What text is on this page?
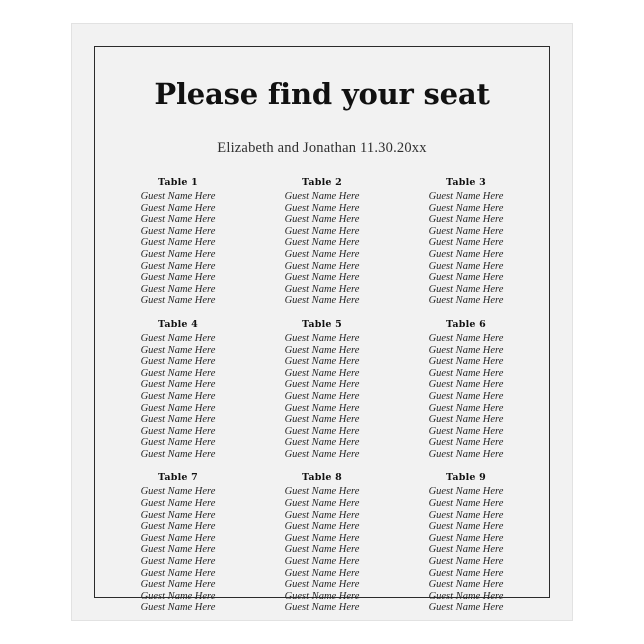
Please find your seat
Elizabeth and Jonathan 11.30.20xx
Table 1
Guest Name Here
Guest Name Here
Guest Name Here
Guest Name Here
Guest Name Here
Guest Name Here
Guest Name Here
Guest Name Here
Guest Name Here
Guest Name Here
Table 2
Guest Name Here
Guest Name Here
Guest Name Here
Guest Name Here
Guest Name Here
Guest Name Here
Guest Name Here
Guest Name Here
Guest Name Here
Guest Name Here
Table 3
Guest Name Here
Guest Name Here
Guest Name Here
Guest Name Here
Guest Name Here
Guest Name Here
Guest Name Here
Guest Name Here
Guest Name Here
Guest Name Here
Table 4
Guest Name Here
Guest Name Here
Guest Name Here
Guest Name Here
Guest Name Here
Guest Name Here
Guest Name Here
Guest Name Here
Guest Name Here
Guest Name Here
Guest Name Here
Table 5
Guest Name Here
Guest Name Here
Guest Name Here
Guest Name Here
Guest Name Here
Guest Name Here
Guest Name Here
Guest Name Here
Guest Name Here
Guest Name Here
Guest Name Here
Table 6
Guest Name Here
Guest Name Here
Guest Name Here
Guest Name Here
Guest Name Here
Guest Name Here
Guest Name Here
Guest Name Here
Guest Name Here
Guest Name Here
Guest Name Here
Table 7
Guest Name Here
Guest Name Here
Guest Name Here
Guest Name Here
Guest Name Here
Guest Name Here
Guest Name Here
Guest Name Here
Guest Name Here
Guest Name Here
Guest Name Here
Table 8
Guest Name Here
Guest Name Here
Guest Name Here
Guest Name Here
Guest Name Here
Guest Name Here
Guest Name Here
Guest Name Here
Guest Name Here
Guest Name Here
Guest Name Here
Table 9
Guest Name Here
Guest Name Here
Guest Name Here
Guest Name Here
Guest Name Here
Guest Name Here
Guest Name Here
Guest Name Here
Guest Name Here
Guest Name Here
Guest Name Here
